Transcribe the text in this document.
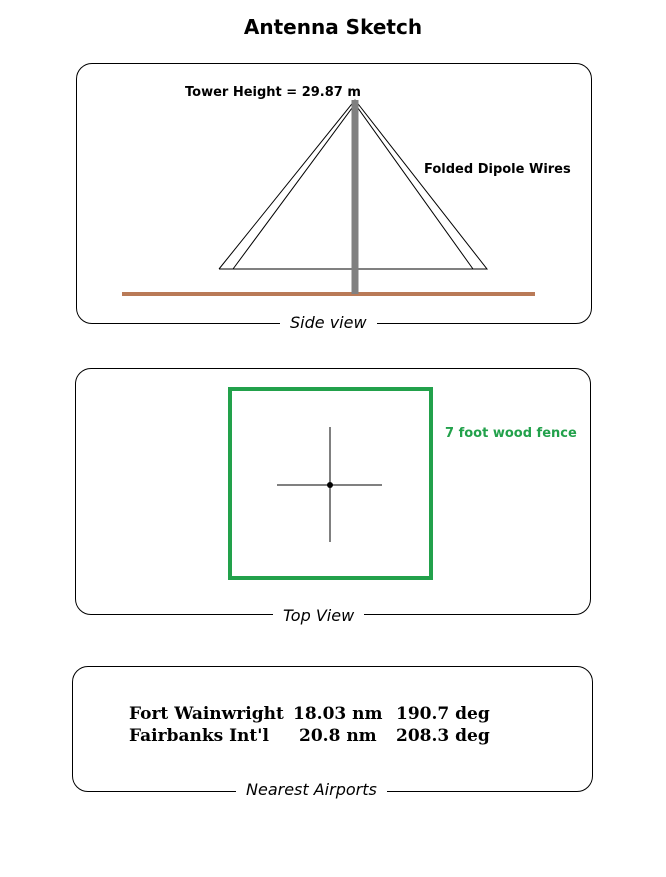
Antenna Sketch
Tower Height = 29.87 m
Folded Dipole Wires
Side view
7 foot wood fence
Top View
Fort Wainwright 18.03 nm 190.7 deg
Fairbanks Int'l 20.8 nm 208.3 deg
Nearest Airports
